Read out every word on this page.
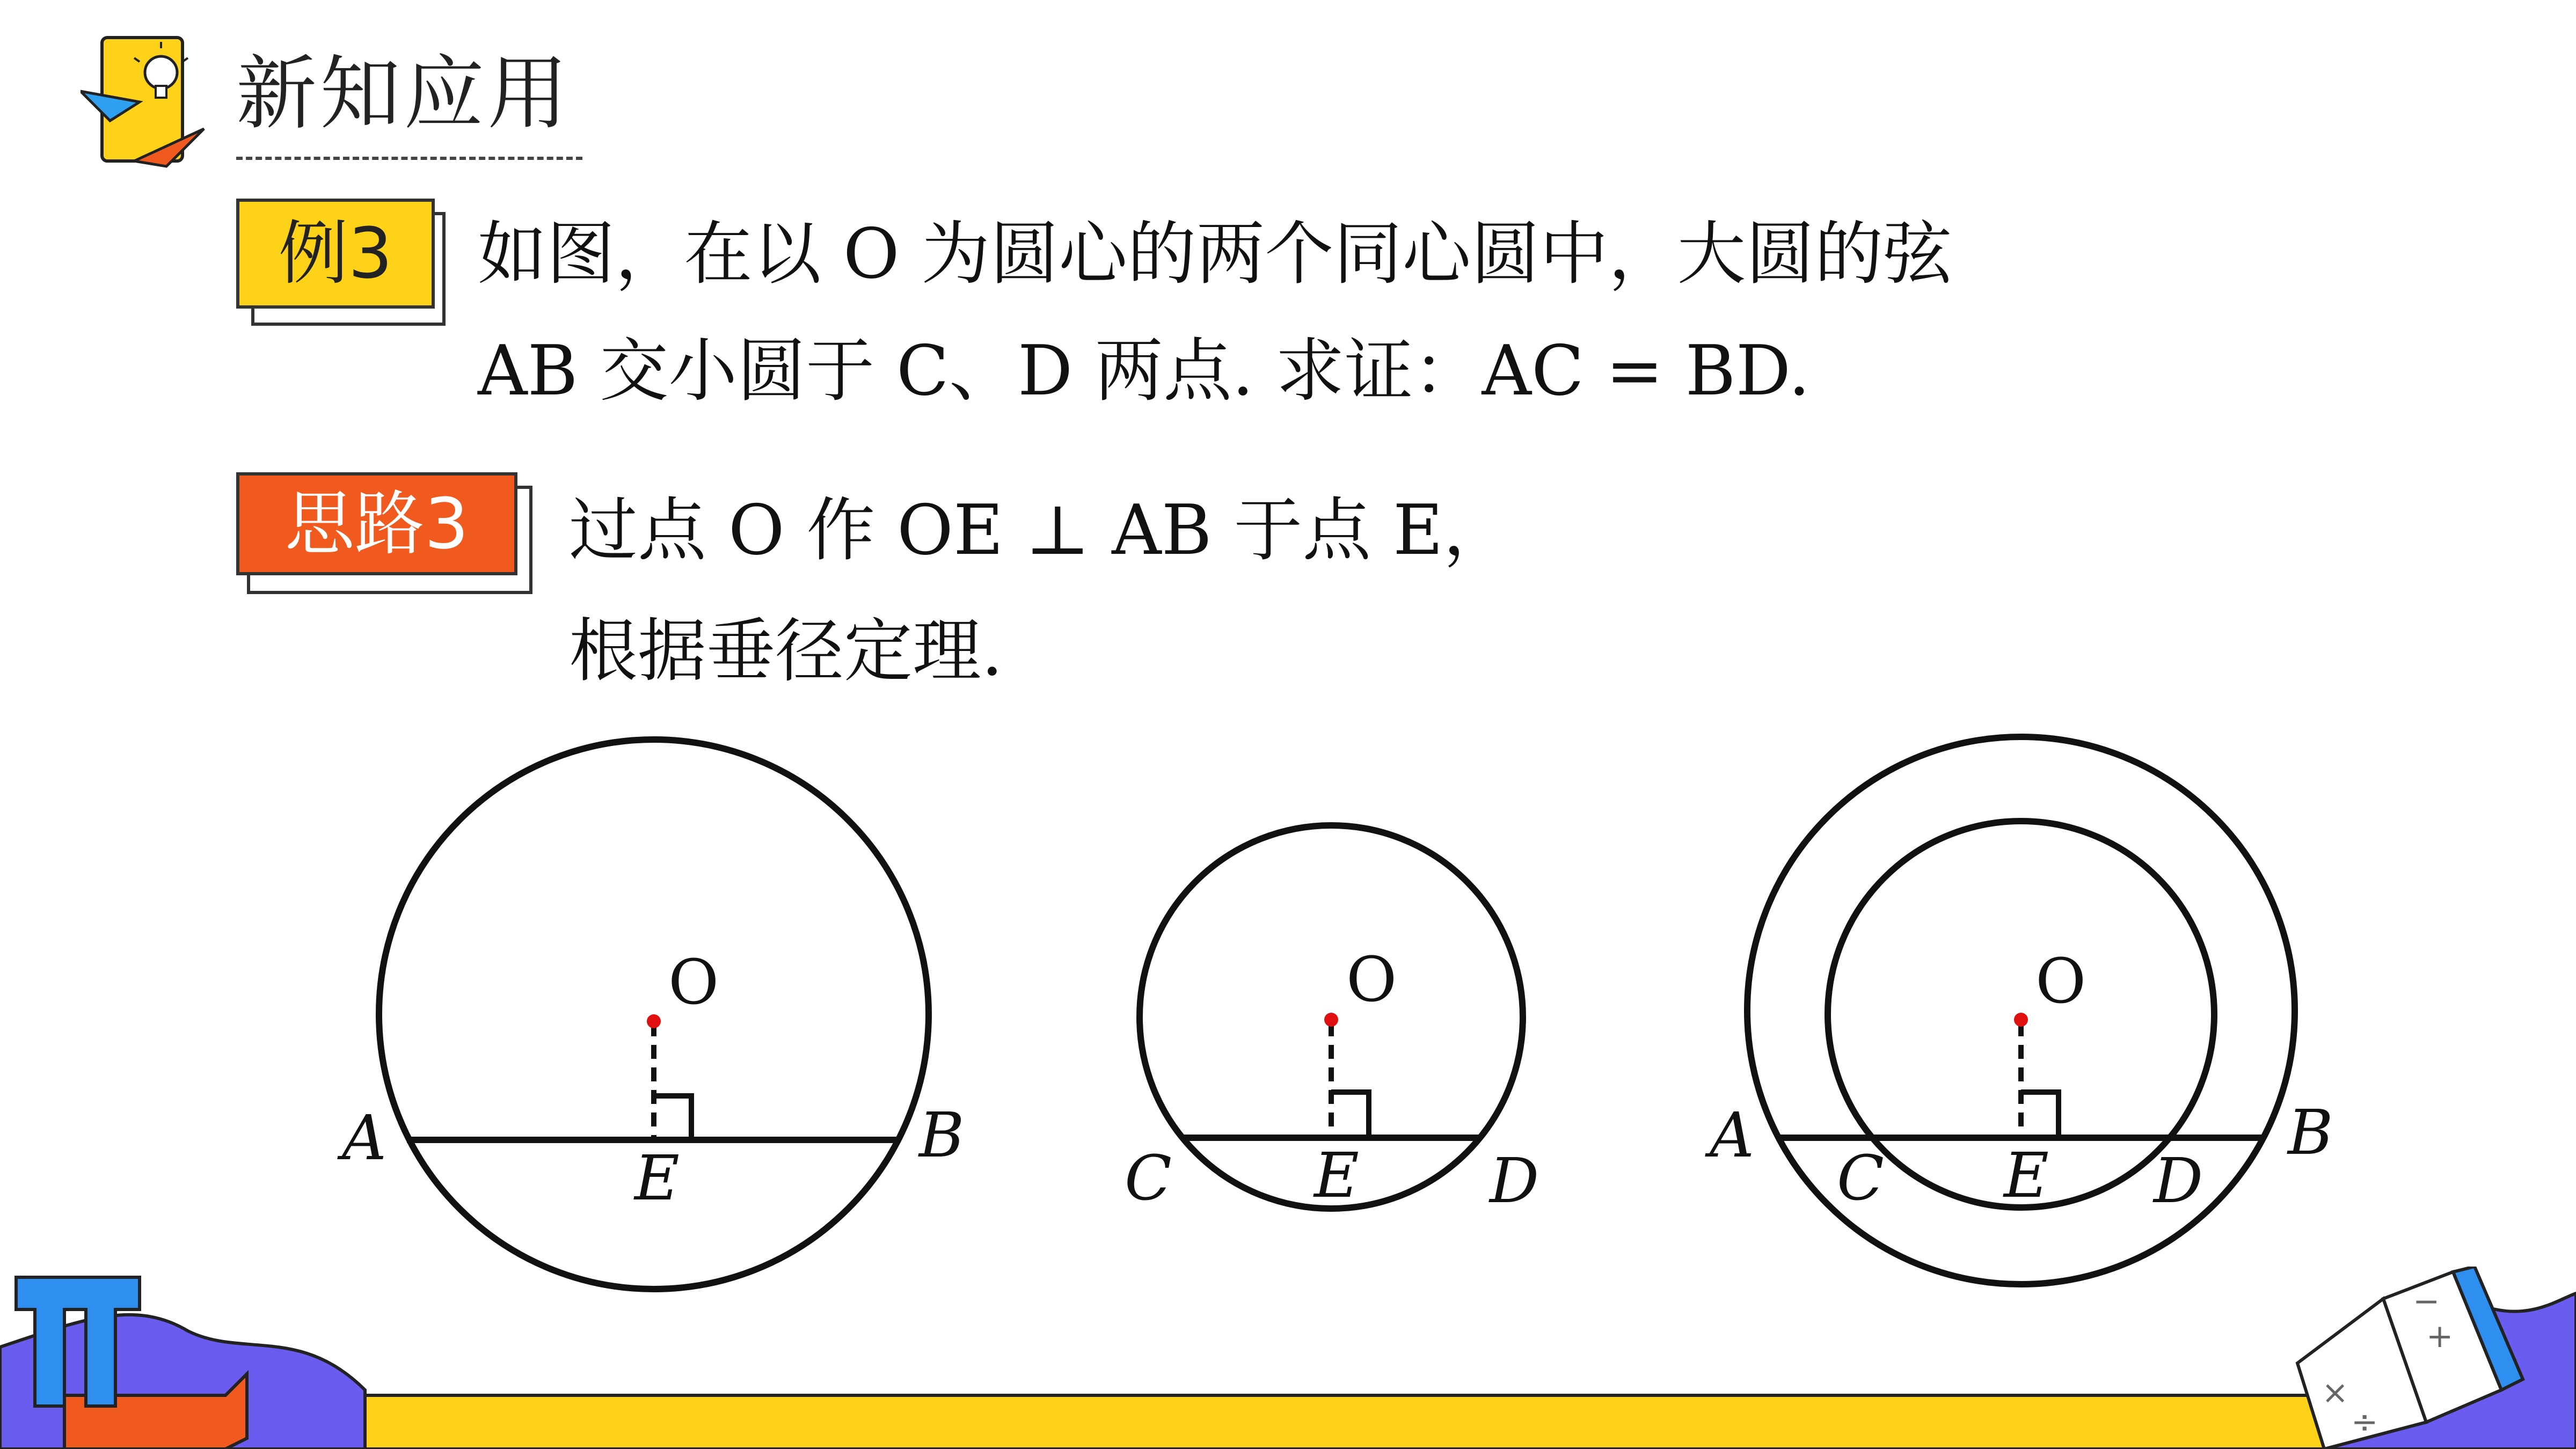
新知应用
例3	如图，在以 O 为圆心的两个同心圆中，大圆的弦
AB 交小圆于 C、D 两点. 求证：AC = BD.
思路3	过点 O 作 OE ⊥ AB 于点 E，
根据垂径定理.
O
A	B
E
O
C	D
E
O
A	B
C	D
E
×
÷
+
−
